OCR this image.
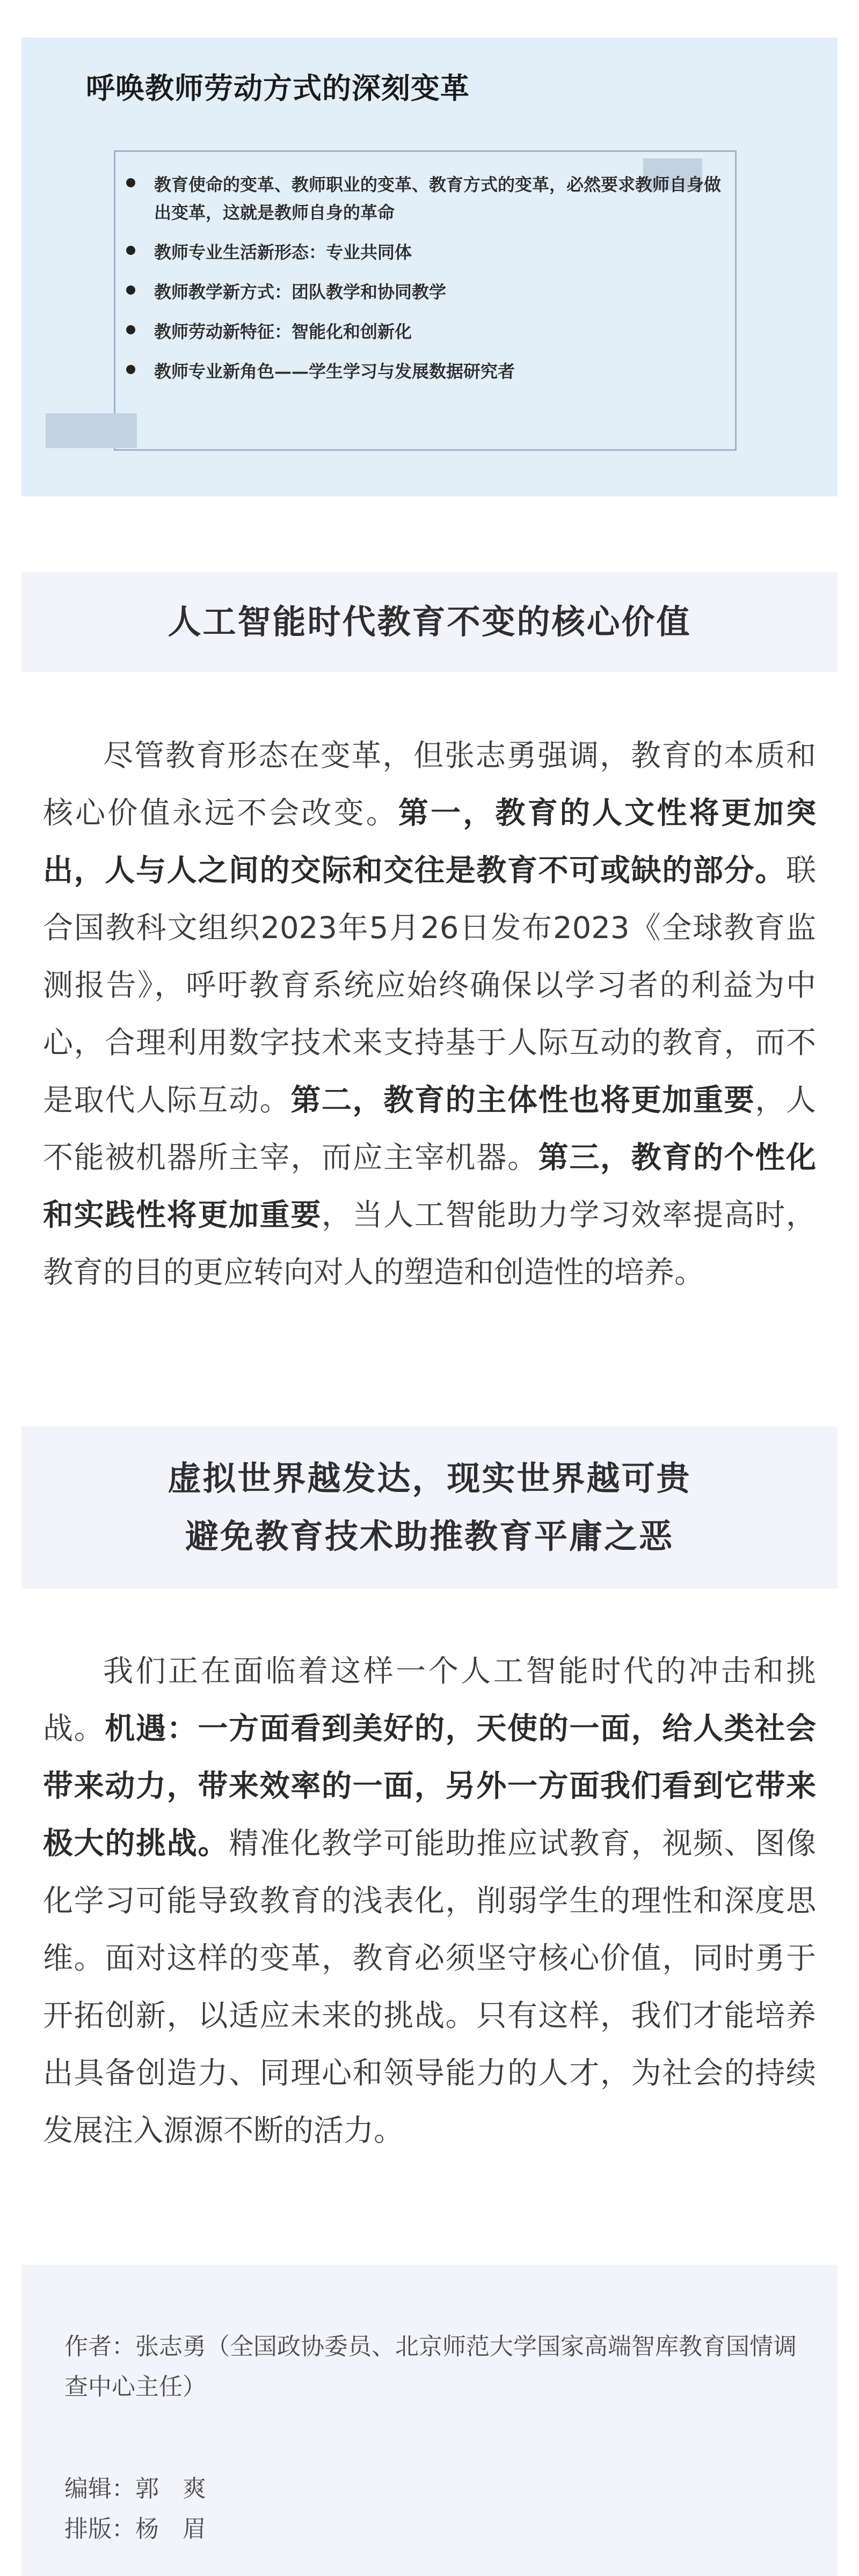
呼唤教师劳动方式的深刻变革
教育使命的变革、教师职业的变革、教育方式的变革，必然要求教师自身做出变革，这就是教师自身的革命
教师专业生活新形态：专业共同体
教师教学新方式：团队教学和协同教学
教师劳动新特征：智能化和创新化
教师专业新角色——学生学习与发展数据研究者
人工智能时代教育不变的核心价值

尽管教育形态在变革，但张志勇强调，教育的本质和核心价值永远不会改变。第一，教育的人文性将更加突出，人与人之间的交际和交往是教育不可或缺的部分。联合国教科文组织2023年5月26日发布2023《全球教育监测报告》，呼吁教育系统应始终确保以学习者的利益为中心，合理利用数字技术来支持基于人际互动的教育，而不是取代人际互动。第二，教育的主体性也将更加重要，人不能被机器所主宰，而应主宰机器。第三，教育的个性化和实践性将更加重要，当人工智能助力学习效率提高时，教育的目的更应转向对人的塑造和创造性的培养。

虚拟世界越发达，现实世界越可贵
避免教育技术助推教育平庸之恶

我们正在面临着这样一个人工智能时代的冲击和挑战。机遇：一方面看到美好的，天使的一面，给人类社会带来动力，带来效率的一面，另外一方面我们看到它带来极大的挑战。精准化教学可能助推应试教育，视频、图像化学习可能导致教育的浅表化，削弱学生的理性和深度思维。面对这样的变革，教育必须坚守核心价值，同时勇于开拓创新，以适应未来的挑战。只有这样，我们才能培养出具备创造力、同理心和领导能力的人才，为社会的持续发展注入源源不断的活力。

作者：张志勇（全国政协委员、北京师范大学国家高端智库教育国情调查中心主任）

编辑：郭　爽
排版：杨　眉
